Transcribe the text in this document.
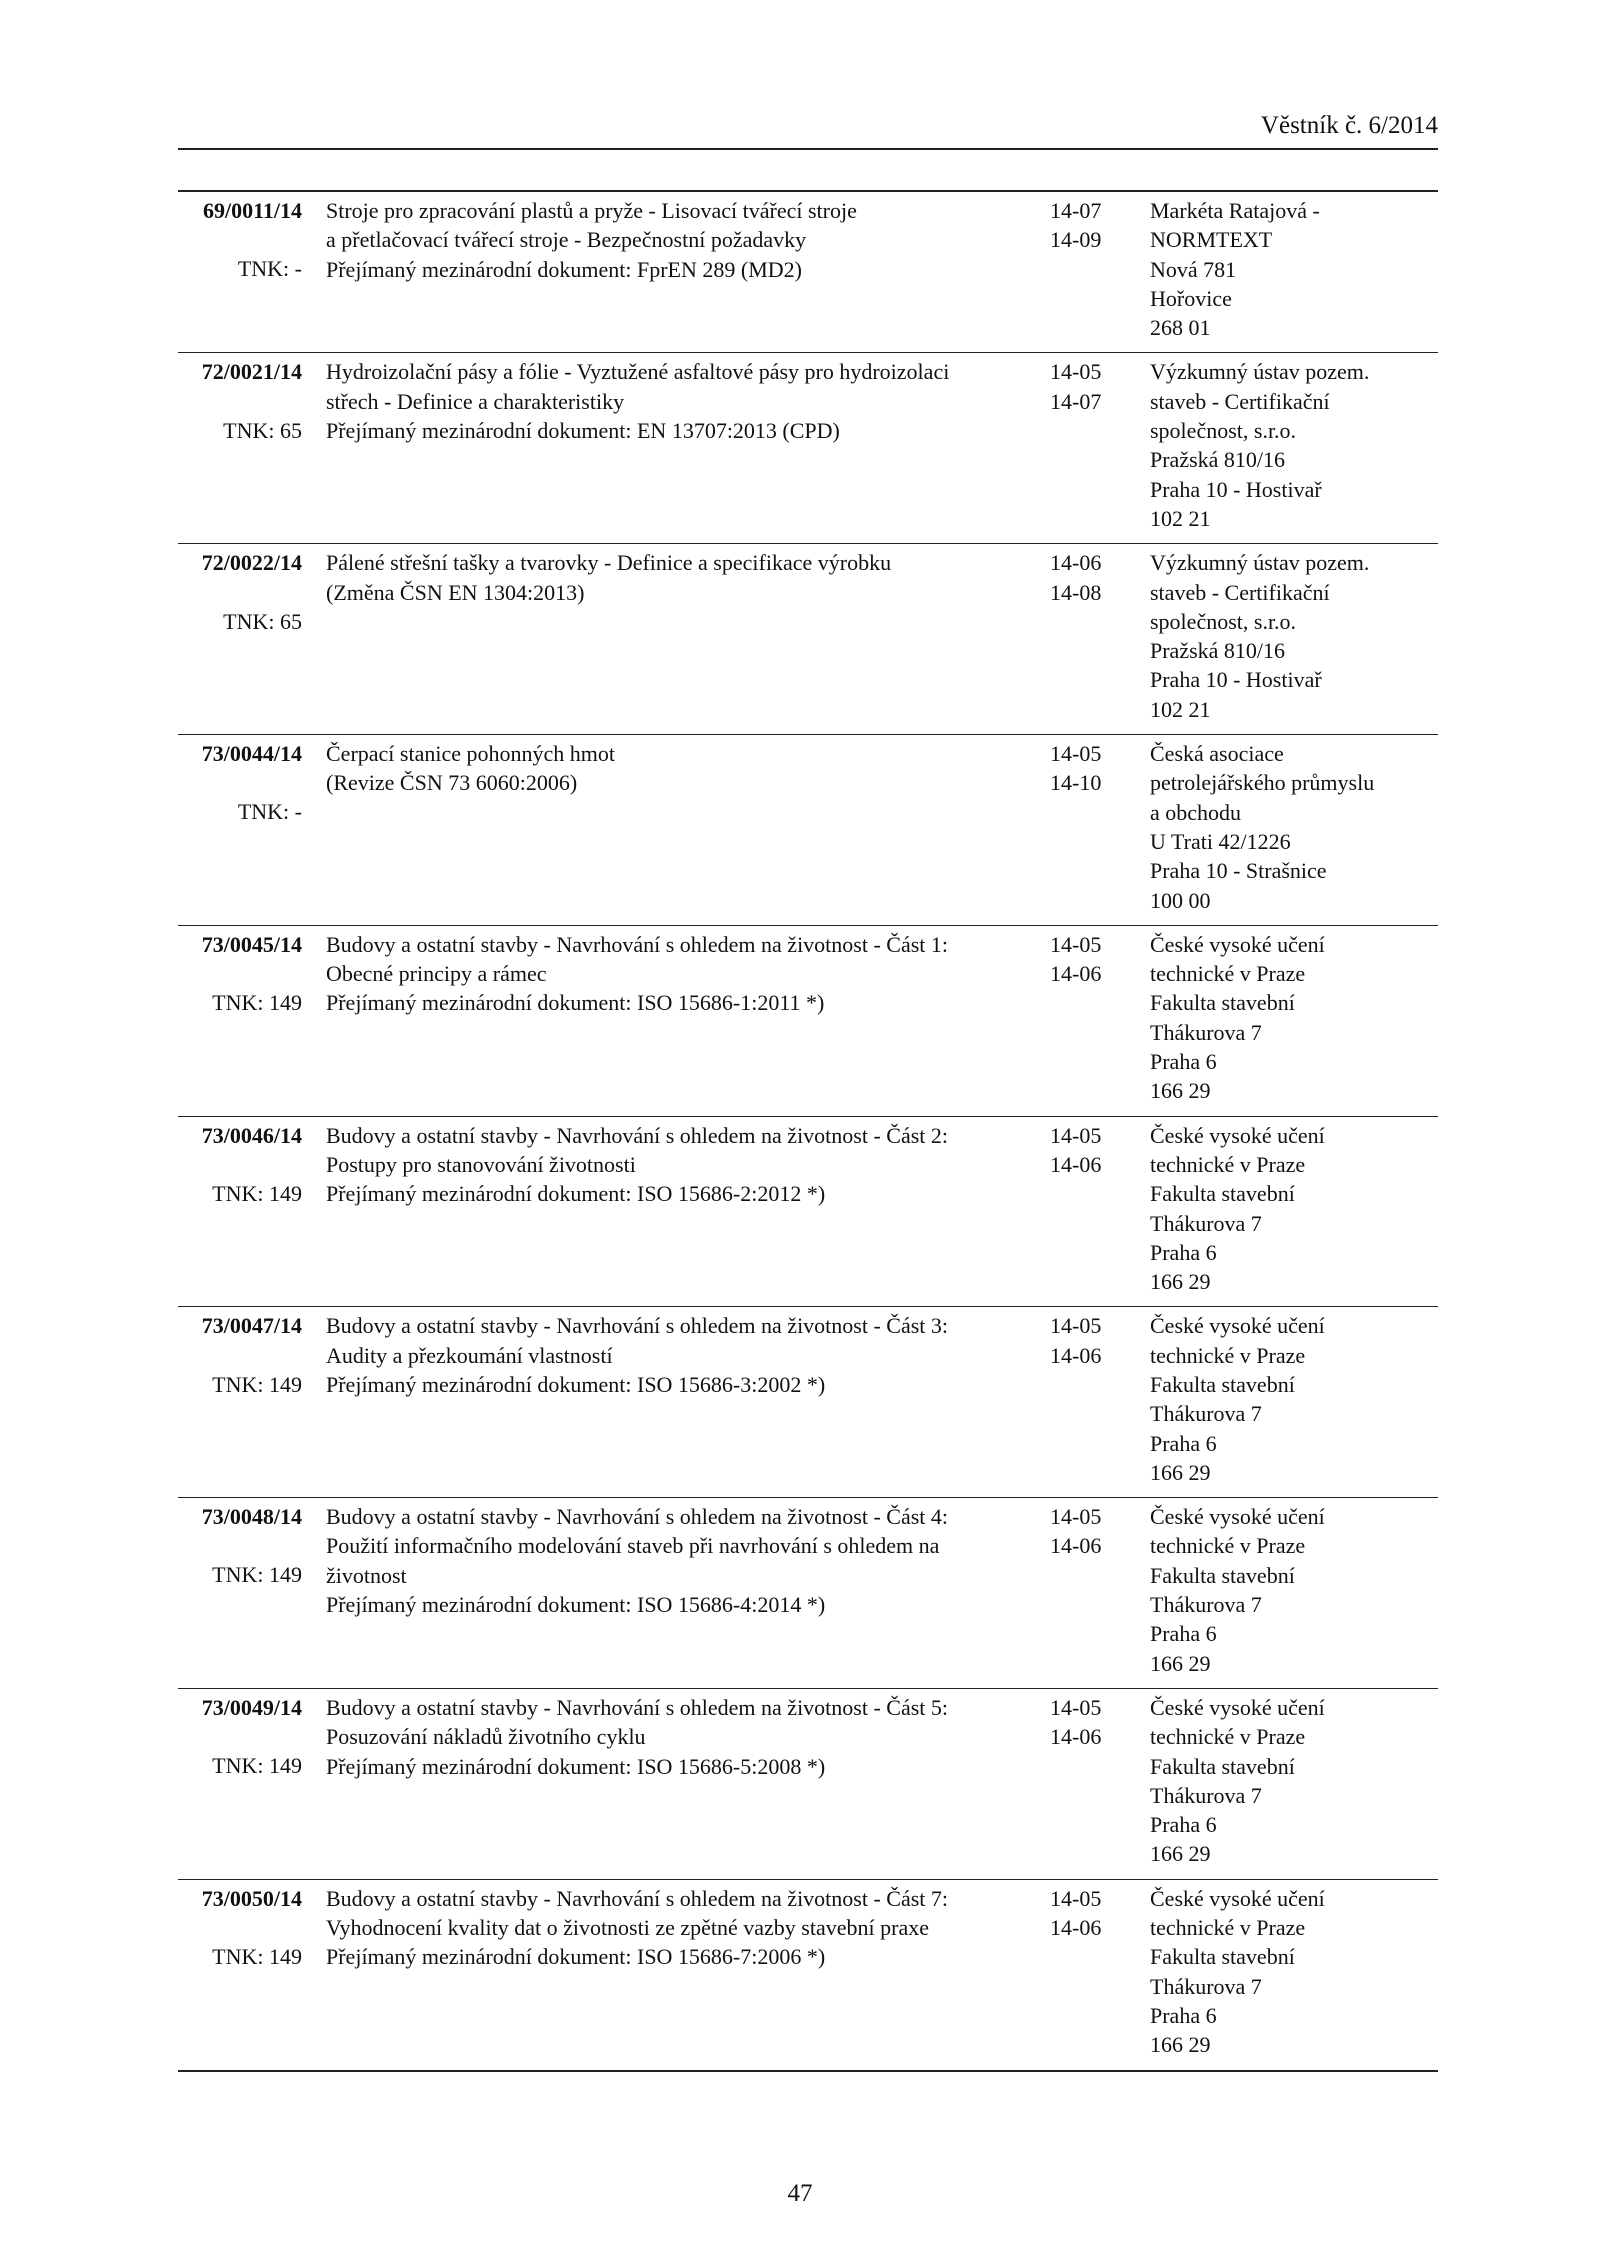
Věstník č. 6/2014
69/0011/14
TNK: -
Stroje pro zpracování plastů a pryže - Lisovací tvářecí stroje
a přetlačovací tvářecí stroje - Bezpečnostní požadavky
Přejímaný mezinárodní dokument: FprEN 289 (MD2)
14-07
14-09
Markéta Ratajová -
NORMTEXT
Nová 781
Hořovice
268 01
72/0021/14
TNK: 65
Hydroizolační pásy a fólie - Vyztužené asfaltové pásy pro hydroizolaci
střech - Definice a charakteristiky
Přejímaný mezinárodní dokument: EN 13707:2013 (CPD)
14-05
14-07
Výzkumný ústav pozem.
staveb - Certifikační
společnost, s.r.o.
Pražská 810/16
Praha 10 - Hostivař
102 21
72/0022/14
TNK: 65
Pálené střešní tašky a tvarovky - Definice a specifikace výrobku
(Změna ČSN EN 1304:2013)
14-06
14-08
Výzkumný ústav pozem.
staveb - Certifikační
společnost, s.r.o.
Pražská 810/16
Praha 10 - Hostivař
102 21
73/0044/14
TNK: -
Čerpací stanice pohonných hmot
(Revize ČSN 73 6060:2006)
14-05
14-10
Česká asociace
petrolejářského průmyslu
a obchodu
U Trati 42/1226
Praha 10 - Strašnice
100 00
73/0045/14
TNK: 149
Budovy a ostatní stavby - Navrhování s ohledem na životnost - Část 1:
Obecné principy a rámec
Přejímaný mezinárodní dokument: ISO 15686-1:2011 *)
14-05
14-06
České vysoké učení
technické v Praze
Fakulta stavební
Thákurova 7
Praha 6
166 29
73/0046/14
TNK: 149
Budovy a ostatní stavby - Navrhování s ohledem na životnost - Část 2:
Postupy pro stanovování životnosti
Přejímaný mezinárodní dokument: ISO 15686-2:2012 *)
14-05
14-06
České vysoké učení
technické v Praze
Fakulta stavební
Thákurova 7
Praha 6
166 29
73/0047/14
TNK: 149
Budovy a ostatní stavby - Navrhování s ohledem na životnost - Část 3:
Audity a přezkoumání vlastností
Přejímaný mezinárodní dokument: ISO 15686-3:2002 *)
14-05
14-06
České vysoké učení
technické v Praze
Fakulta stavební
Thákurova 7
Praha 6
166 29
73/0048/14
TNK: 149
Budovy a ostatní stavby - Navrhování s ohledem na životnost - Část 4:
Použití informačního modelování staveb při navrhování s ohledem na
životnost
Přejímaný mezinárodní dokument: ISO 15686-4:2014 *)
14-05
14-06
České vysoké učení
technické v Praze
Fakulta stavební
Thákurova 7
Praha 6
166 29
73/0049/14
TNK: 149
Budovy a ostatní stavby - Navrhování s ohledem na životnost - Část 5:
Posuzování nákladů životního cyklu
Přejímaný mezinárodní dokument: ISO 15686-5:2008 *)
14-05
14-06
České vysoké učení
technické v Praze
Fakulta stavební
Thákurova 7
Praha 6
166 29
73/0050/14
TNK: 149
Budovy a ostatní stavby - Navrhování s ohledem na životnost - Část 7:
Vyhodnocení kvality dat o životnosti ze zpětné vazby stavební praxe
Přejímaný mezinárodní dokument: ISO 15686-7:2006 *)
14-05
14-06
České vysoké učení
technické v Praze
Fakulta stavební
Thákurova 7
Praha 6
166 29
47
